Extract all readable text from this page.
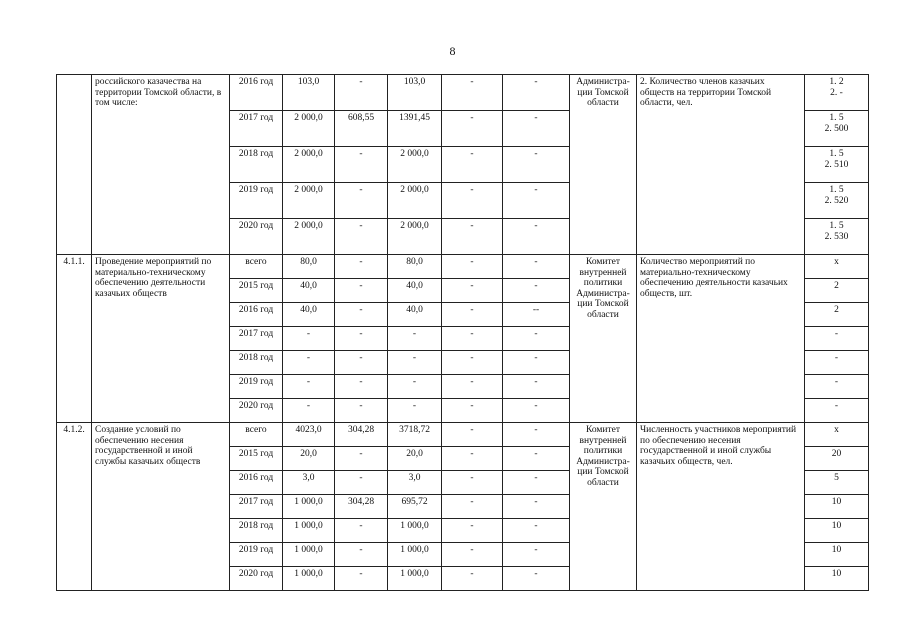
8
	российского казачества на территории Томской области, в том числе:	2016 год	103,0	-	103,0	-	-	Администра-ции Томской области	2. Количество членов казачьих обществ на территории Томской области, чел.	1. 2
2. -

		2017 год	2 000,0	608,55	1391,45	-	-			1. 5
2. 500

		2018 год	2 000,0	-	2 000,0	-	-			1. 5
2. 510

		2019 год	2 000,0	-	2 000,0	-	-			1. 5
2. 520

		2020 год	2 000,0	-	2 000,0	-	-			1. 5
2. 530

4.1.1.	Проведение мероприятий по материально-техническому обеспечению деятельности казачьих обществ	всего	80,0	-	80,0	-	-	Комитет внутренней политики Администра-ции Томской области	Количество мероприятий по материально-техническому обеспечению деятельности казачьих обществ, шт.	х

		2015 год	40,0	-	40,0	-	-			2

		2016 год	40,0	-	40,0	-	--			2

		2017 год	-	-	-	-	-			-

		2018 год	-	-	-	-	-			-

		2019 год	-	-	-	-	-			-

		2020 год	-	-	-	-	-			-

4.1.2.	Создание условий по обеспечению несения государственной и иной службы казачьих обществ	всего	4023,0	304,28	3718,72	-	-	Комитет внутренней политики Администра-ции Томской области	Численность участников мероприятий по обеспечению несения государственной и иной службы казачьих обществ, чел.	х

		2015 год	20,0	-	20,0	-	-			20

		2016 год	3,0	-	3,0	-	-			5

		2017 год	1 000,0	304,28	695,72	-	-			10

		2018 год	1 000,0	-	1 000,0	-	-			10

		2019 год	1 000,0	-	1 000,0	-	-			10

		2020 год	1 000,0	-	1 000,0	-	-			10
